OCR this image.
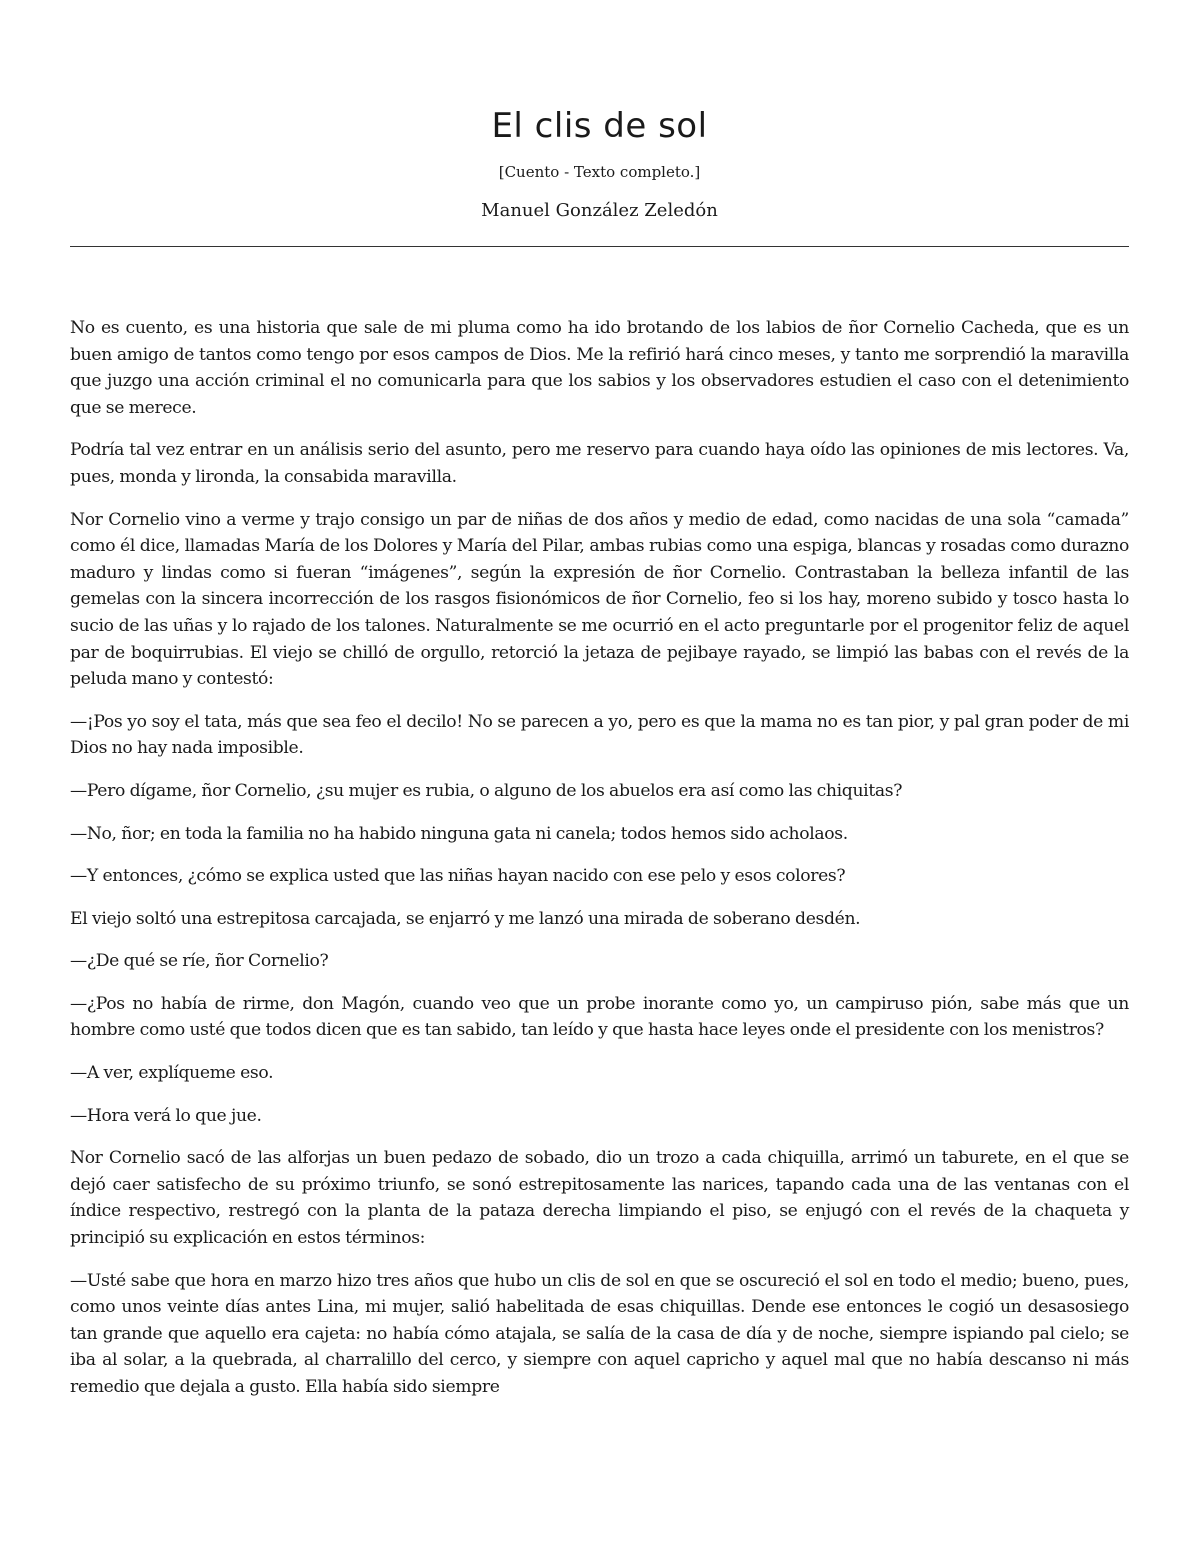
El clis de sol
[Cuento - Texto completo.]
Manuel González Zeledón

No es cuento, es una historia que sale de mi pluma como ha ido brotando de los labios de ñor Cornelio Cacheda, que es un buen amigo de tantos como tengo por esos campos de Dios. Me la refirió hará cinco meses, y tanto me sorprendió la maravilla que juzgo una acción criminal el no comunicarla para que los sabios y los observadores estudien el caso con el detenimiento que se merece.

Podría tal vez entrar en un análisis serio del asunto, pero me reservo para cuando haya oído las opiniones de mis lectores. Va, pues, monda y lironda, la consabida maravilla.

Nor Cornelio vino a verme y trajo consigo un par de niñas de dos años y medio de edad, como nacidas de una sola “camada” como él dice, llamadas María de los Dolores y María del Pilar, ambas rubias como una espiga, blancas y rosadas como durazno maduro y lindas como si fueran “imágenes”, según la expresión de ñor Cornelio. Contrastaban la belleza infantil de las gemelas con la sincera incorrección de los rasgos fisionómicos de ñor Cornelio, feo si los hay, moreno subido y tosco hasta lo sucio de las uñas y lo rajado de los talones. Naturalmente se me ocurrió en el acto preguntarle por el progenitor feliz de aquel par de boquirrubias. El viejo se chilló de orgullo, retorció la jetaza de pejibaye rayado, se limpió las babas con el revés de la peluda mano y contestó:

—¡Pos yo soy el tata, más que sea feo el decilo! No se parecen a yo, pero es que la mama no es tan pior, y pal gran poder de mi Dios no hay nada imposible.

—Pero dígame, ñor Cornelio, ¿su mujer es rubia, o alguno de los abuelos era así como las chiquitas?

—No, ñor; en toda la familia no ha habido ninguna gata ni canela; todos hemos sido acholaos.

—Y entonces, ¿cómo se explica usted que las niñas hayan nacido con ese pelo y esos colores?

El viejo soltó una estrepitosa carcajada, se enjarró y me lanzó una mirada de soberano desdén.

—¿De qué se ríe, ñor Cornelio?

—¿Pos no había de rirme, don Magón, cuando veo que un probe inorante como yo, un campiruso pión, sabe más que un hombre como usté que todos dicen que es tan sabido, tan leído y que hasta hace leyes onde el presidente con los menistros?

—A ver, explíqueme eso.

—Hora verá lo que jue.

Nor Cornelio sacó de las alforjas un buen pedazo de sobado, dio un trozo a cada chiquilla, arrimó un taburete, en el que se dejó caer satisfecho de su próximo triunfo, se sonó estrepitosamente las narices, tapando cada una de las ventanas con el índice respectivo, restregó con la planta de la pataza derecha limpiando el piso, se enjugó con el revés de la chaqueta y principió su explicación en estos términos:

—Usté sabe que hora en marzo hizo tres años que hubo un clis de sol en que se oscureció el sol en todo el medio; bueno, pues, como unos veinte días antes Lina, mi mujer, salió habelitada de esas chiquillas. Dende ese entonces le cogió un desasosiego tan grande que aquello era cajeta: no había cómo atajala, se salía de la casa de día y de noche, siempre ispiando pal cielo; se iba al solar, a la quebrada, al charralillo del cerco, y siempre con aquel capricho y aquel mal que no había descanso ni más remedio que dejala a gusto. Ella había sido siempre
